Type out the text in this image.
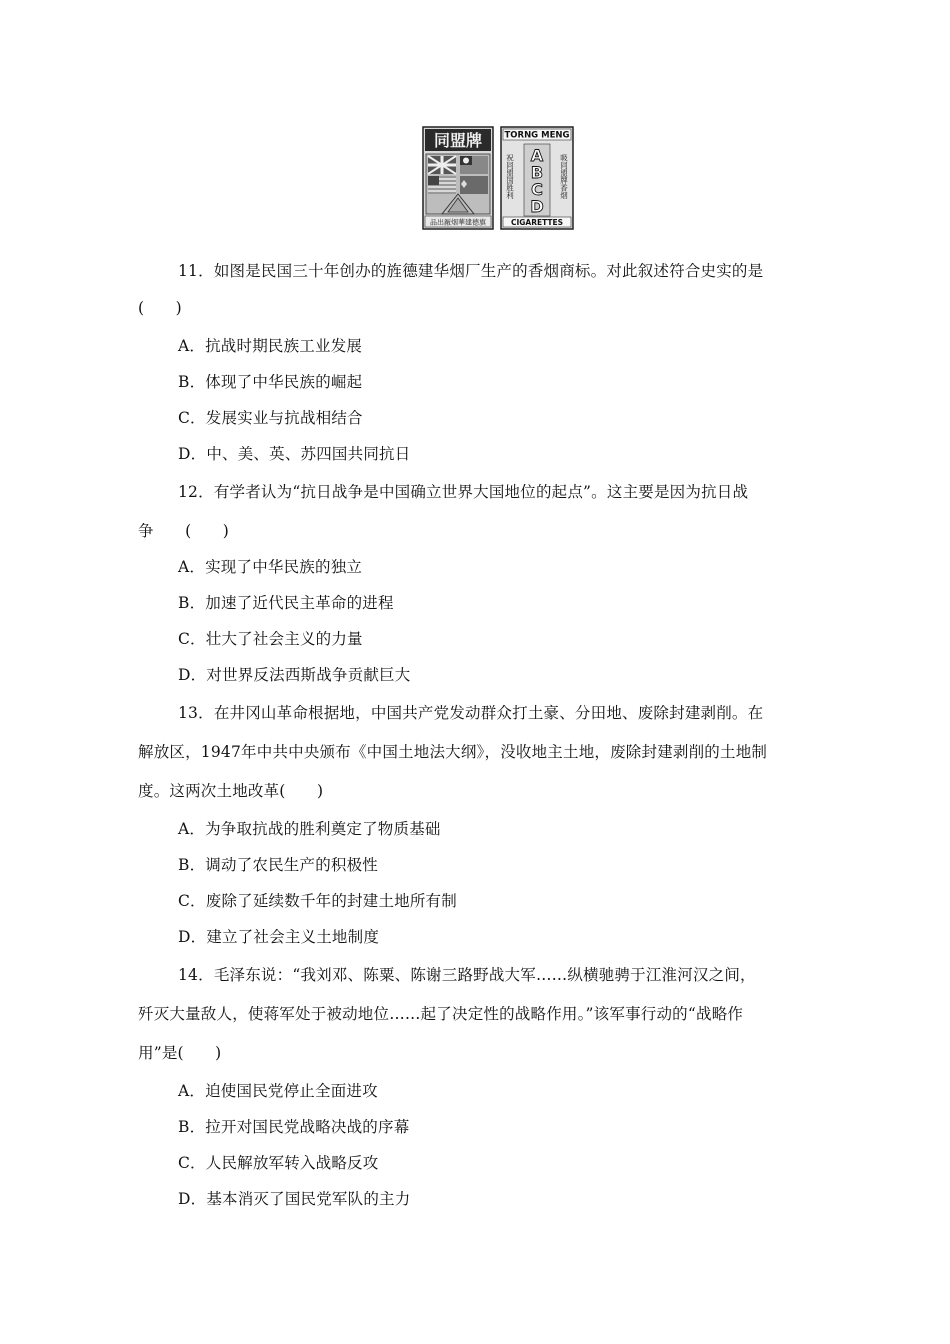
同盟牌
品出厰烟華建德旗
TORNG MENG
祝同盟国胜利	吸同盟牌香烟
A
B
C
D
CIGARETTES
11．如图是民国三十年创办的旌德建华烟厂生产的香烟商标。对此叙述符合史实的是
(　　)
A．抗战时期民族工业发展
B．体现了中华民族的崛起
C．发展实业与抗战相结合
D．中、美、英、苏四国共同抗日
12．有学者认为“抗日战争是中国确立世界大国地位的起点”。这主要是因为抗日战
争　　(　　)
A．实现了中华民族的独立
B．加速了近代民主革命的进程
C．壮大了社会主义的力量
D．对世界反法西斯战争贡献巨大
13．在井冈山革命根据地，中国共产党发动群众打土豪、分田地、废除封建剥削。在
解放区，1947年中共中央颁布《中国土地法大纲》，没收地主土地，废除封建剥削的土地制
度。这两次土地改革(　　)
A．为争取抗战的胜利奠定了物质基础
B．调动了农民生产的积极性
C．废除了延续数千年的封建土地所有制
D．建立了社会主义土地制度
14．毛泽东说：“我刘邓、陈粟、陈谢三路野战大军……纵横驰骋于江淮河汉之间，
歼灭大量敌人，使蒋军处于被动地位……起了决定性的战略作用。”该军事行动的“战略作
用”是(　　)
A．迫使国民党停止全面进攻
B．拉开对国民党战略决战的序幕
C．人民解放军转入战略反攻
D．基本消灭了国民党军队的主力
